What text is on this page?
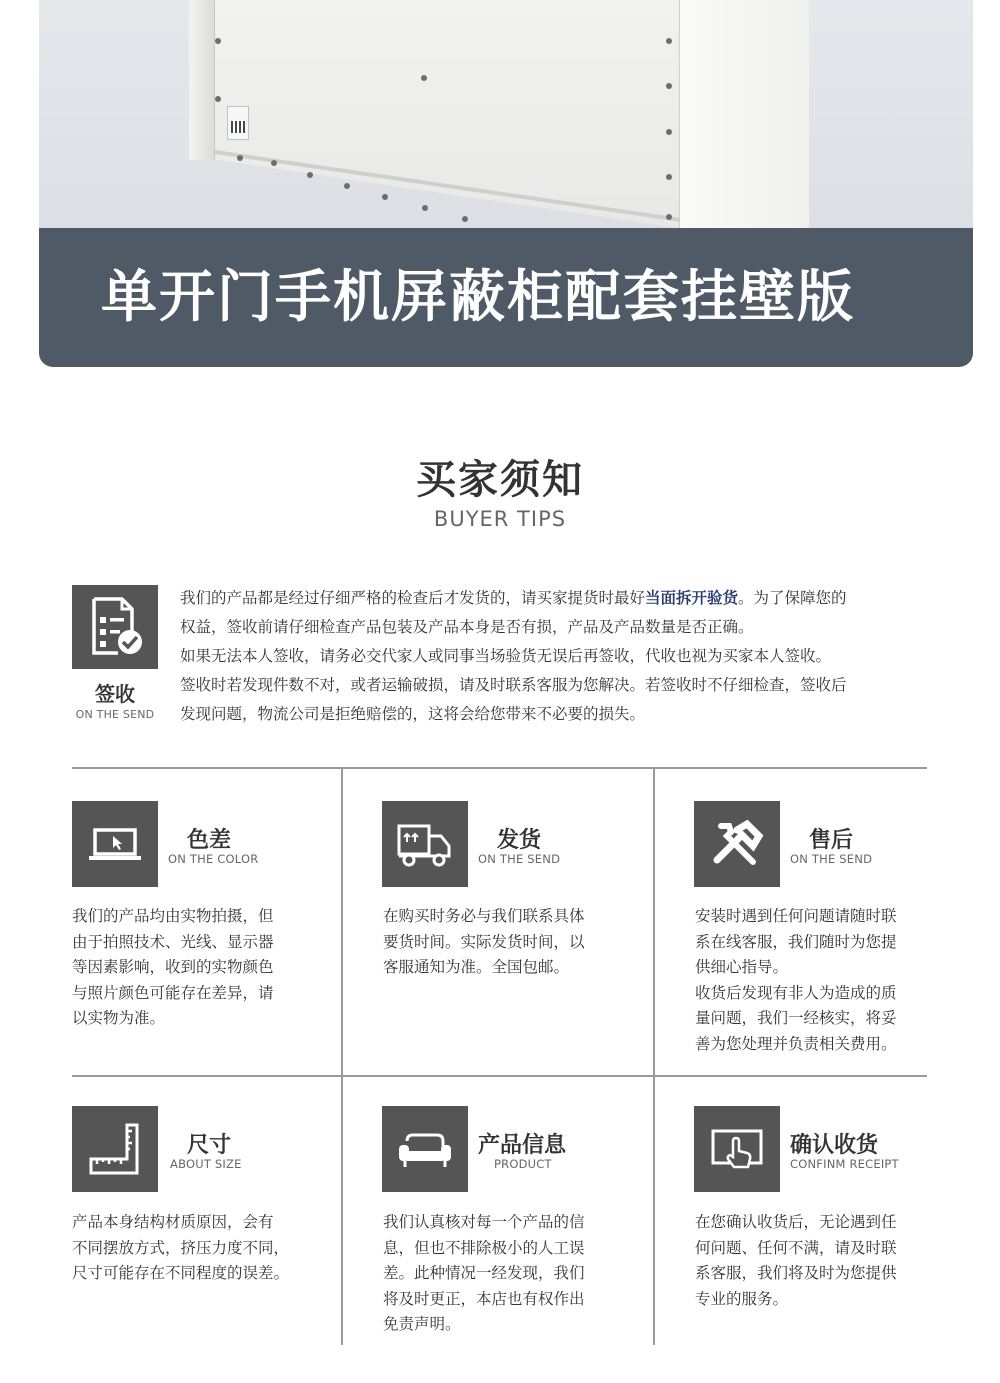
单开门手机屏蔽柜配套挂壁版
买家须知
BUYER TIPS
签收
ON THE SEND

我们的产品都是经过仔细严格的检查后才发货的，请买家提货时最好当面拆开验货。为了保障您的

权益，签收前请仔细检查产品包装及产品本身是否有损，产品及产品数量是否正确。

如果无法本人签收，请务必交代家人或同事当场验货无误后再签收，代收也视为买家本人签收。

签收时若发现件数不对，或者运输破损，请及时联系客服为您解决。若签收时不仔细检查，签收后

发现问题，物流公司是拒绝赔偿的，这将会给您带来不必要的损失。

色差
ON THE COLOR

我们的产品均由实物拍摄，但

由于拍照技术、光线、显示器

等因素影响，收到的实物颜色

与照片颜色可能存在差异，请

以实物为准。

发货
ON THE SEND

在购买时务必与我们联系具体

要货时间。实际发货时间，以

客服通知为准。全国包邮。

售后
ON THE SEND

安装时遇到任何问题请随时联

系在线客服，我们随时为您提

供细心指导。

收货后发现有非人为造成的质

量问题，我们一经核实，将妥

善为您处理并负责相关费用。

尺寸
ABOUT SIZE

产品本身结构材质原因，会有

不同摆放方式，挤压力度不同，

尺寸可能存在不同程度的误差。

产品信息
PRODUCT

我们认真核对每一个产品的信

息，但也不排除极小的人工误

差。此种情况一经发现，我们

将及时更正，本店也有权作出

免责声明。

确认收货
CONFINM RECEIPT

在您确认收货后，无论遇到任

何问题、任何不满，请及时联

系客服，我们将及时为您提供

专业的服务。
